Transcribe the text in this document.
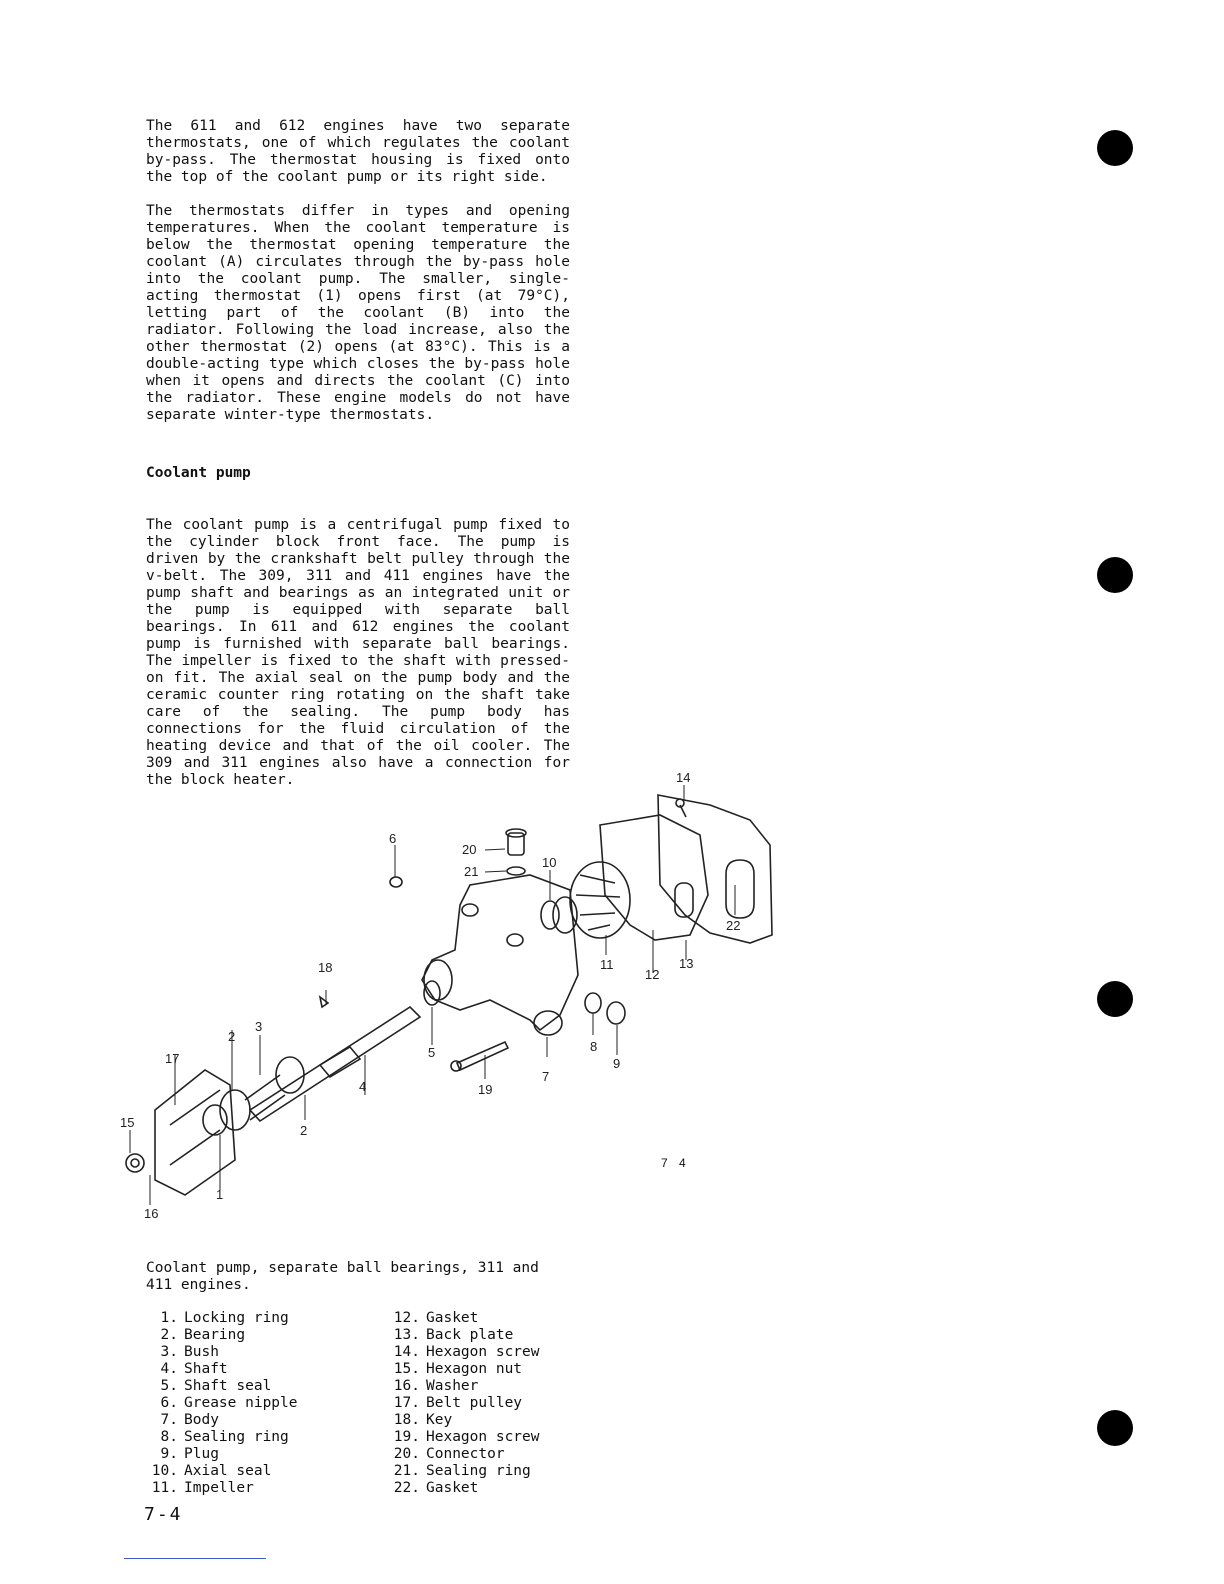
The 611 and 612 engines have two separate thermostats, one of which regulates the coolant by-pass. The thermostat housing is fixed onto the top of the coolant pump or its right side.

The thermostats differ in types and opening temperatures. When the coolant temperature is below the thermostat opening temperature the coolant (A) circulates through the by-pass hole into the coolant pump. The smaller, single-acting thermostat (1) opens first (at 79°C), letting part of the coolant (B) into the radiator. Following the load increase, also the other thermostat (2) opens (at 83°C). This is a double-acting type which closes the by-pass hole when it opens and directs the coolant (C) into the radiator. These engine models do not have separate winter-type thermostats.

Coolant pump

The coolant pump is a centrifugal pump fixed to the cylinder block front face. The pump is driven by the crankshaft belt pulley through the v-belt. The 309, 311 and 411 engines have the pump shaft and bearings as an integrated unit or the pump is equipped with separate ball bearings. In 611 and 612 engines the coolant pump is furnished with separate ball bearings. The impeller is fixed to the shaft with pressed-on fit. The axial seal on the pump body and the ceramic counter ring rotating on the shaft take care of the sealing. The pump body has connections for the fluid circulation of the heating device and that of the oil cooler. The 309 and 311 engines also have a connection for the block heater.

6
14
20
21
10
11
12
13
22
18
5
4
7
8
9
19
2
3
2
17
1
16
15
7 4

Coolant pump, separate ball bearings, 311 and 411 engines.

1. Locking ring
2. Bearing
3. Bush
4. Shaft
5. Shaft seal
6. Grease nipple
7. Body
8. Sealing ring
9. Plug
10. Axial seal
11. Impeller
12. Gasket
13. Back plate
14. Hexagon screw
15. Hexagon nut
16. Washer
17. Belt pulley
18. Key
19. Hexagon screw
20. Connector
21. Sealing ring
22. Gasket
7-4
